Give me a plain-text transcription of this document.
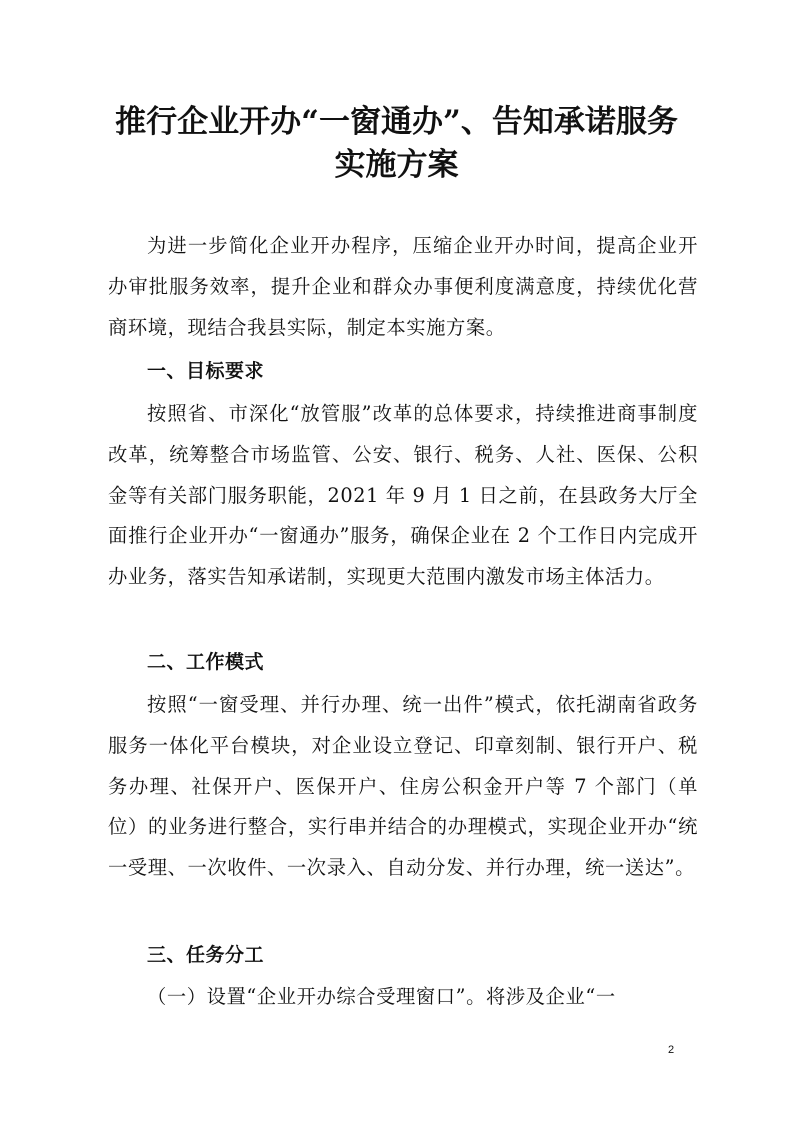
推行企业开办“一窗通办”、告知承诺服务
实施方案

为进一步简化企业开办程序，压缩企业开办时间，提高企业开办审批服务效率，提升企业和群众办事便利度满意度，持续优化营商环境，现结合我县实际，制定本实施方案。

一、目标要求

按照省、市深化“放管服”改革的总体要求，持续推进商事制度改革，统筹整合市场监管、公安、银行、税务、人社、医保、公积金等有关部门服务职能，2021 年 9 月 1 日之前，在县政务大厅全面推行企业开办“一窗通办”服务，确保企业在 2 个工作日内完成开办业务，落实告知承诺制，实现更大范围内激发市场主体活力。

二、工作模式

按照“一窗受理、并行办理、统一出件”模式，依托湖南省政务服务一体化平台模块，对企业设立登记、印章刻制、银行开户、税务办理、社保开户、医保开户、住房公积金开户等 7 个部门（单位）的业务进行整合，实行串并结合的办理模式，实现企业开办“统一受理、一次收件、一次录入、自动分发、并行办理，统一送达”。

三、任务分工

（一）设置“企业开办综合受理窗口”。将涉及企业“一

2
